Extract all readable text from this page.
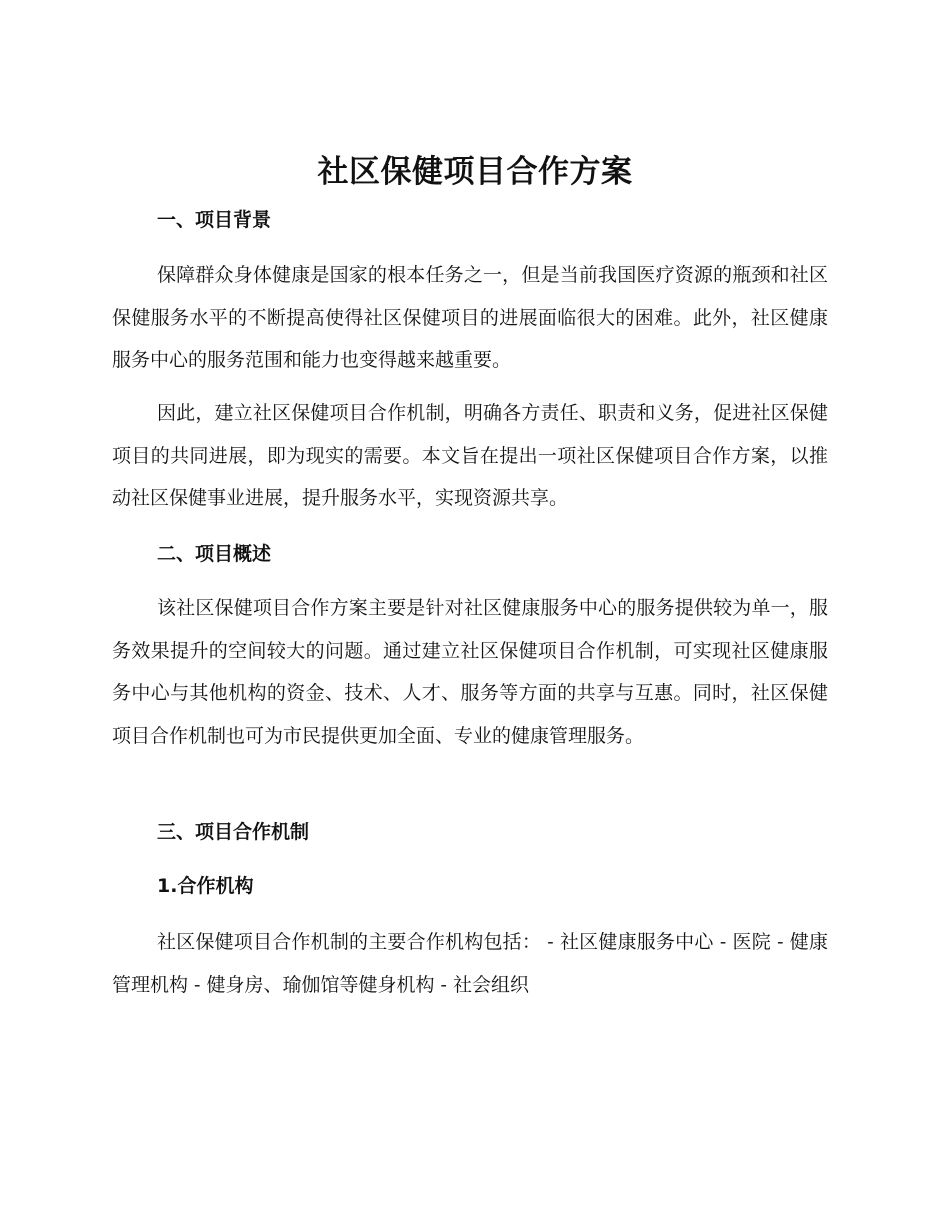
社区保健项目合作方案
一、项目背景
保障群众身体健康是国家的根本任务之一，但是当前我国医疗资源的瓶颈和社区保健服务水平的不断提高使得社区保健项目的进展面临很大的困难。此外，社区健康服务中心的服务范围和能力也变得越来越重要。
因此，建立社区保健项目合作机制，明确各方责任、职责和义务，促进社区保健项目的共同进展，即为现实的需要。本文旨在提出一项社区保健项目合作方案，以推动社区保健事业进展，提升服务水平，实现资源共享。
二、项目概述
该社区保健项目合作方案主要是针对社区健康服务中心的服务提供较为单一，服务效果提升的空间较大的问题。通过建立社区保健项目合作机制，可实现社区健康服务中心与其他机构的资金、技术、人才、服务等方面的共享与互惠。同时，社区保健项目合作机制也可为市民提供更加全面、专业的健康管理服务。
三、项目合作机制
1.合作机构
社区保健项目合作机制的主要合作机构包括： - 社区健康服务中心 - 医院 - 健康管理机构 - 健身房、瑜伽馆等健身机构 - 社会组织
